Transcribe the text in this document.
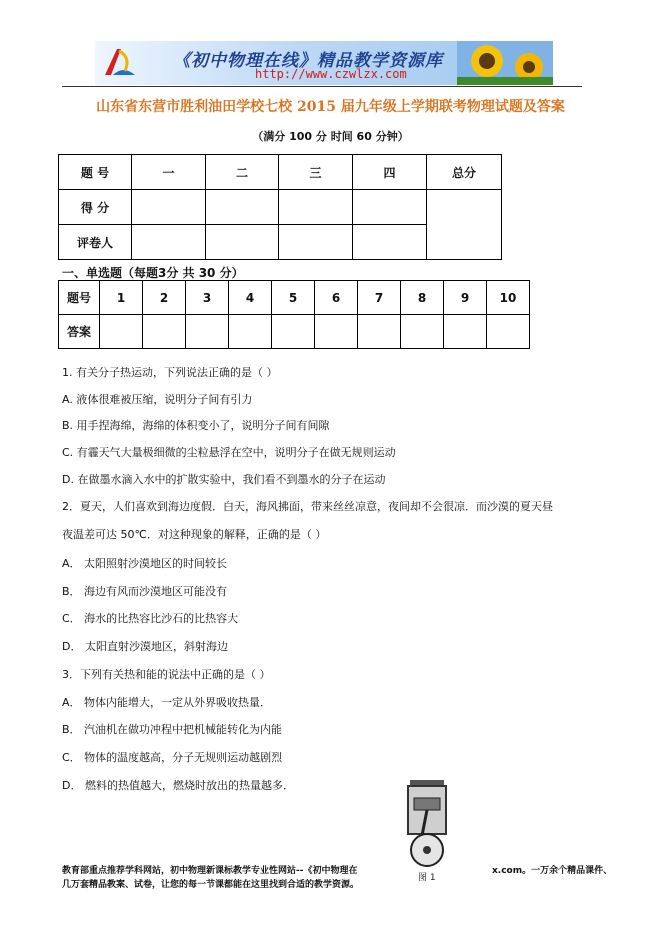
《初中物理在线》精品教学资源库
http://www.czwlzx.com
山东省东营市胜利油田学校七校 2015 届九年级上学期联考物理试题及答案
（满分 100 分 时间 60 分钟）
题 号	一	二	三	四	总分
得 分					
评卷人					
一、单选题（每题3分 共 30 分）
题号	1	2	3	4	5	6	7	8	9	10
答案										
1. 有关分子热运动，下列说法正确的是（ ）
A. 液体很难被压缩，说明分子间有引力
B. 用手捏海绵，海绵的体积变小了，说明分子间有间隙
C. 有霾天气大量极细微的尘粒悬浮在空中，说明分子在做无规则运动
D. 在做墨水滴入水中的扩散实验中，我们看不到墨水的分子在运动
2．夏天，人们喜欢到海边度假．白天，海风拂面，带来丝丝凉意，夜间却不会很凉．而沙漠的夏天昼
夜温差可达 50℃．对这种现象的解释，正确的是（ ）
A． 太阳照射沙漠地区的时间较长
B． 海边有风而沙漠地区可能没有
C． 海水的比热容比沙石的比热容大
D． 太阳直射沙漠地区，斜射海边
3．下列有关热和能的说法中正确的是（ ）
A． 物体内能增大，一定从外界吸收热量．
B． 汽油机在做功冲程中把机械能转化为内能
C． 物体的温度越高，分子无规则运动越剧烈
D． 燃料的热值越大，燃烧时放出的热量越多．
图 1
教育部重点推荐学科网站，初中物理新课标教学专业性网站--《初中物理在	x.com。一万余个精品课件、
几万套精品教案、试卷，让您的每一节课都能在这里找到合适的教学资源。
